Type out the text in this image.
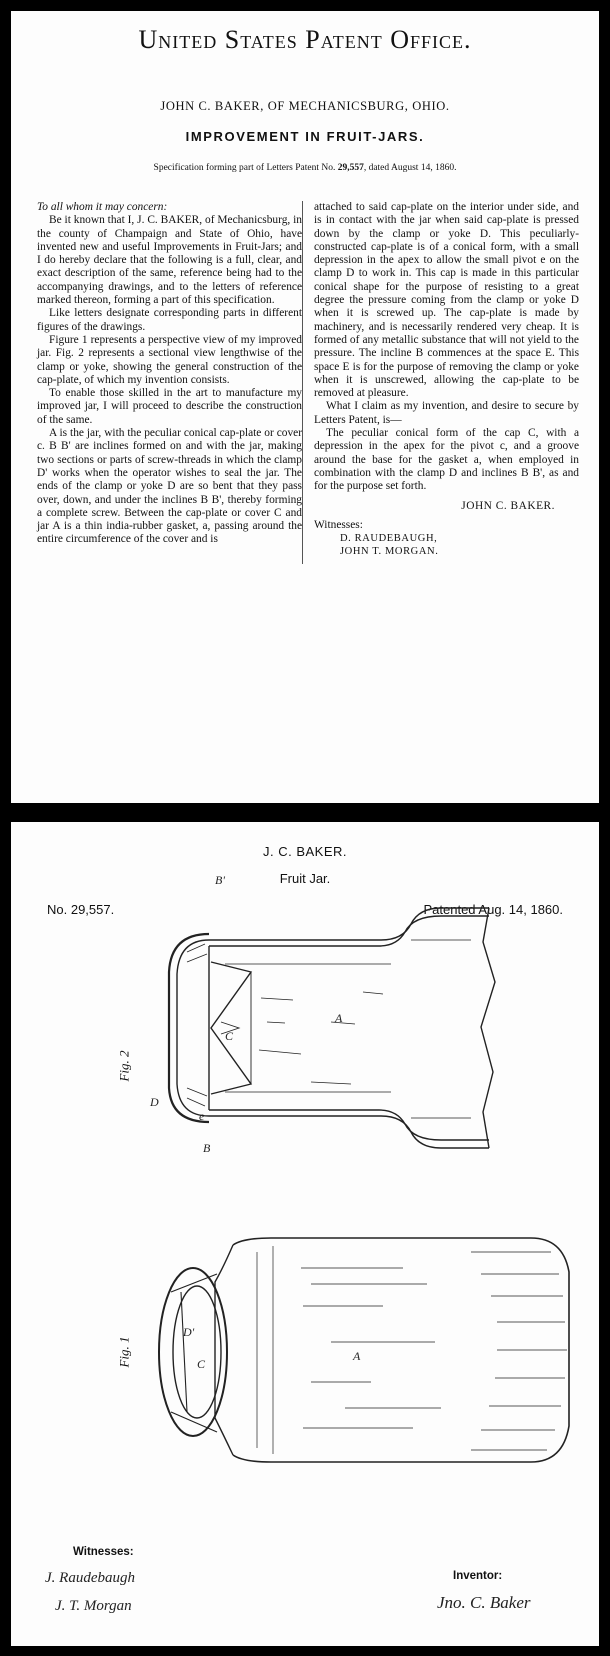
United States Patent Office.
JOHN C. BAKER, OF MECHANICSBURG, OHIO.
IMPROVEMENT IN FRUIT-JARS.
Specification forming part of Letters Patent No. 29,557, dated August 14, 1860.

To all whom it may concern:

Be it known that I, J. C. BAKER, of Mechanicsburg, in the county of Champaign and State of Ohio, have invented new and useful Improvements in Fruit-Jars; and I do hereby declare that the following is a full, clear, and exact description of the same, reference being had to the accompanying drawings, and to the letters of reference marked thereon, forming a part of this specification.

Like letters designate corresponding parts in different figures of the drawings.

Figure 1 represents a perspective view of my improved jar. Fig. 2 represents a sectional view lengthwise of the clamp or yoke, showing the general construction of the cap-plate, of which my invention consists.

To enable those skilled in the art to manufacture my improved jar, I will proceed to describe the construction of the same.

A is the jar, with the peculiar conical cap-plate or cover c. B B' are inclines formed on and with the jar, making two sections or parts of screw-threads in which the clamp D' works when the operator wishes to seal the jar. The ends of the clamp or yoke D are so bent that they pass over, down, and under the inclines B B', thereby forming a complete screw. Between the cap-plate or cover C and jar A is a thin india-rubber gasket, a, passing around the entire circumference of the cover and is

attached to said cap-plate on the interior under side, and is in contact with the jar when said cap-plate is pressed down by the clamp or yoke D. This peculiarly-constructed cap-plate is of a conical form, with a small depression in the apex to allow the small pivot e on the clamp D to work in. This cap is made in this particular conical shape for the purpose of resisting to a great degree the pressure coming from the clamp or yoke D when it is screwed up. The cap-plate is made by machinery, and is necessarily rendered very cheap. It is formed of any metallic substance that will not yield to the pressure. The incline B commences at the space E. This space E is for the purpose of removing the clamp or yoke when it is unscrewed, allowing the cap-plate to be removed at pleasure.

What I claim as my invention, and desire to secure by Letters Patent, is—

The peculiar conical form of the cap C, with a depression in the apex for the pivot c, and a groove around the base for the gasket a, when employed in combination with the clamp D and inclines B B', as and for the purpose set forth.

JOHN C. BAKER.

Witnesses:

D. RAUDEBAUGH,

JOHN T. MORGAN.

J. C. BAKER.
Fruit Jar.
No. 29,557.	Patented Aug. 14, 1860.
B'
D
e
C
A
B
D'
C
A
J. Raudebaugh
J. T. Morgan	Jno. C. Baker
Fig. 2
Fig. 1
Witnesses:
Inventor:
